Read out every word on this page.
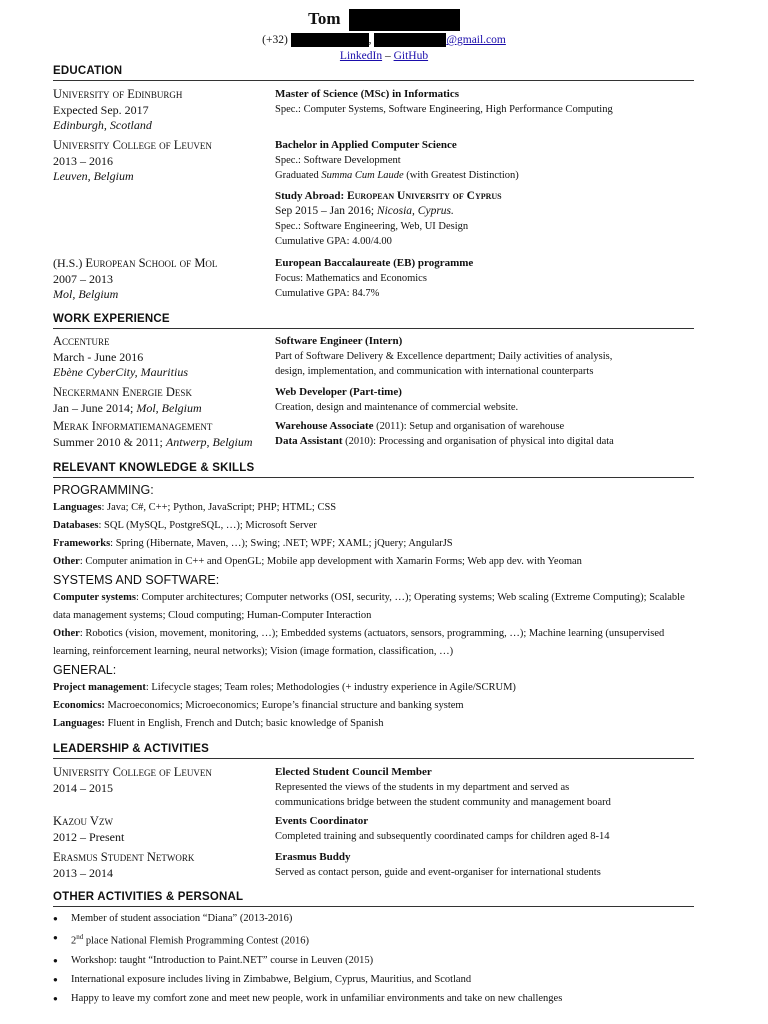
Tom
(+32)	,	@gmail.com
LinkedIn – GitHub
EDUCATION
University of Edinburgh
Expected Sep. 2017
Edinburgh, Scotland
Master of Science (MSc) in Informatics
Spec.: Computer Systems, Software Engineering, High Performance Computing
University College of Leuven
2013 – 2016
Leuven, Belgium
Bachelor in Applied Computer Science
Spec.: Software Development
Graduated Summa Cum Laude (with Greatest Distinction)
Study Abroad: European University of Cyprus
Sep 2015 – Jan 2016; Nicosia, Cyprus.
Spec.: Software Engineering, Web, UI Design
Cumulative GPA: 4.00/4.00
(H.S.) European School of Mol
2007 – 2013
Mol, Belgium
European Baccalaureate (EB) programme
Focus: Mathematics and Economics
Cumulative GPA: 84.7%
WORK EXPERIENCE
Accenture
March - June 2016
Ebène CyberCity, Mauritius
Software Engineer (Intern)
Part of Software Delivery & Excellence department; Daily activities of analysis,
design, implementation, and communication with international counterparts
Neckermann Energie Desk
Jan – June 2014; Mol, Belgium
Web Developer (Part-time)
Creation, design and maintenance of commercial website.
Merak Informatiemanagement
Summer 2010 & 2011; Antwerp, Belgium
Warehouse Associate (2011): Setup and organisation of warehouse
Data Assistant (2010): Processing and organisation of physical into digital data
RELEVANT KNOWLEDGE & SKILLS
PROGRAMMING:
Languages: Java; C#, C++; Python, JavaScript; PHP; HTML; CSS
Databases: SQL (MySQL, PostgreSQL, …); Microsoft Server
Frameworks: Spring (Hibernate, Maven, …); Swing; .NET; WPF; XAML; jQuery; AngularJS
Other: Computer animation in C++ and OpenGL; Mobile app development with Xamarin Forms; Web app dev. with Yeoman
SYSTEMS AND SOFTWARE:
Computer systems: Computer architectures; Computer networks (OSI, security, …); Operating systems; Web scaling (Extreme Computing); Scalable data management systems; Cloud computing; Human-Computer Interaction
Other: Robotics (vision, movement, monitoring, …); Embedded systems (actuators, sensors, programming, …); Machine learning (unsupervised learning, reinforcement learning, neural networks); Vision (image formation, classification, …)
GENERAL:
Project management: Lifecycle stages; Team roles; Methodologies (+ industry experience in Agile/SCRUM)
Economics: Macroeconomics; Microeconomics; Europe’s financial structure and banking system
Languages: Fluent in English, French and Dutch; basic knowledge of Spanish
LEADERSHIP & ACTIVITIES
University College of Leuven
2014 – 2015
Elected Student Council Member
Represented the views of the students in my department and served as
communications bridge between the student community and management board
Kazou Vzw
2012 – Present
Events Coordinator
Completed training and subsequently coordinated camps for children aged 8-14
Erasmus Student Network
2013 – 2014
Erasmus Buddy
Served as contact person, guide and event-organiser for international students
OTHER ACTIVITIES & PERSONAL
● Member of student association “Diana” (2013-2016)
● 2nd place National Flemish Programming Contest (2016)
● Workshop: taught “Introduction to Paint.NET” course in Leuven (2015)
● International exposure includes living in Zimbabwe, Belgium, Cyprus, Mauritius, and Scotland
● Happy to leave my comfort zone and meet new people, work in unfamiliar environments and take on new challenges
